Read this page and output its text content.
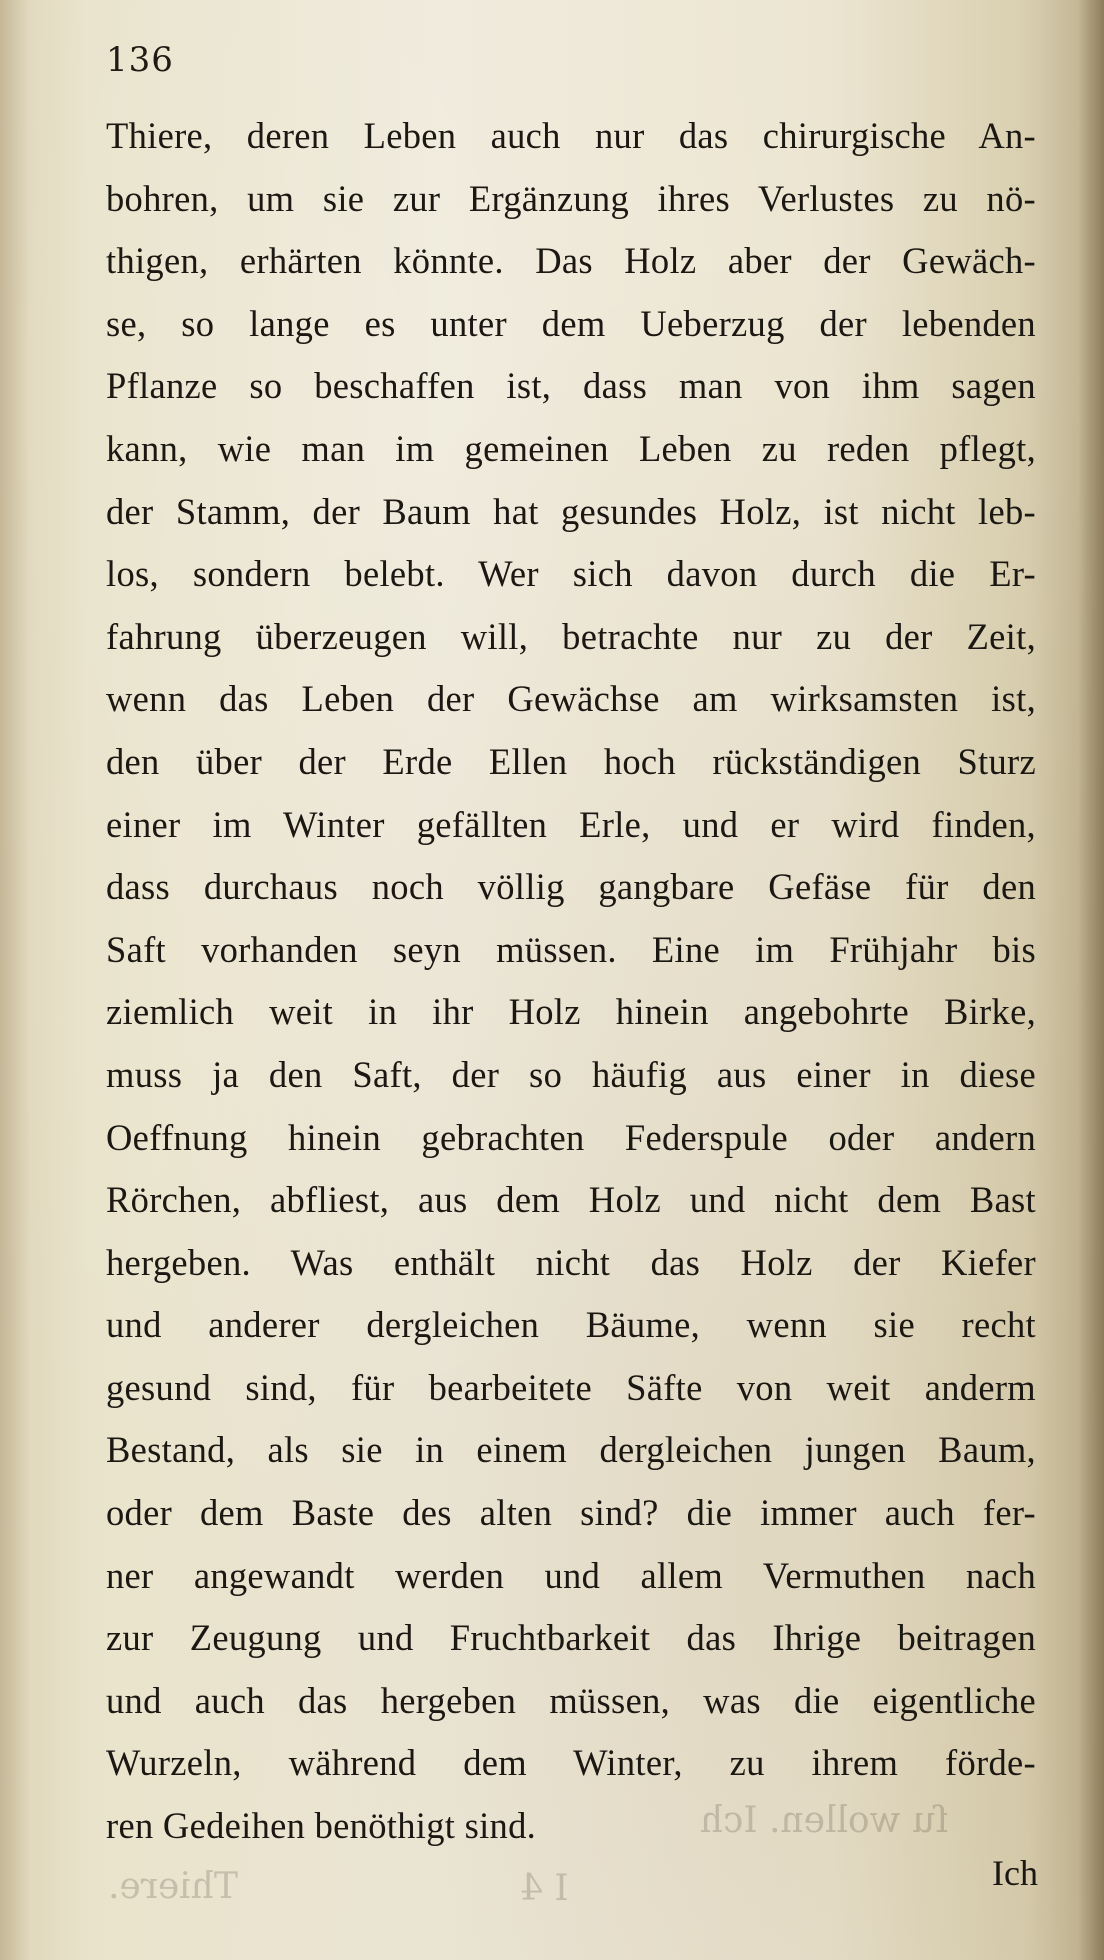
ſu wollen. Ich
I 4
Thiere.
136
Thiere, deren Leben auch nur das chirurgische An-
bohren, um sie zur Ergänzung ihres Verlustes zu nö-
thigen, erhärten könnte. Das Holz aber der Gewäch-
se, so lange es unter dem Ueberzug der lebenden
Pflanze so beschaffen ist, dass man von ihm sagen
kann, wie man im gemeinen Leben zu reden pflegt,
der Stamm, der Baum hat gesundes Holz, ist nicht leb-
los, sondern belebt. Wer sich davon durch die Er-
fahrung überzeugen will, betrachte nur zu der Zeit,
wenn das Leben der Gewächse am wirksamsten ist,
den über der Erde Ellen hoch rückständigen Sturz
einer im Winter gefällten Erle, und er wird finden,
dass durchaus noch völlig gangbare Gefäse für den
Saft vorhanden seyn müssen. Eine im Frühjahr bis
ziemlich weit in ihr Holz hinein angebohrte Birke,
muss ja den Saft, der so häufig aus einer in diese
Oeffnung hinein gebrachten Federspule oder andern
Rörchen, abfliest, aus dem Holz und nicht dem Bast
hergeben. Was enthält nicht das Holz der Kiefer
und anderer dergleichen Bäume, wenn sie recht
gesund sind, für bearbeitete Säfte von weit anderm
Bestand, als sie in einem dergleichen jungen Baum,
oder dem Baste des alten sind? die immer auch fer-
ner angewandt werden und allem Vermuthen nach
zur Zeugung und Fruchtbarkeit das Ihrige beitragen
und auch das hergeben müssen, was die eigentliche
Wurzeln, während dem Winter, zu ihrem förde-
ren Gedeihen benöthigt sind.
Ich
